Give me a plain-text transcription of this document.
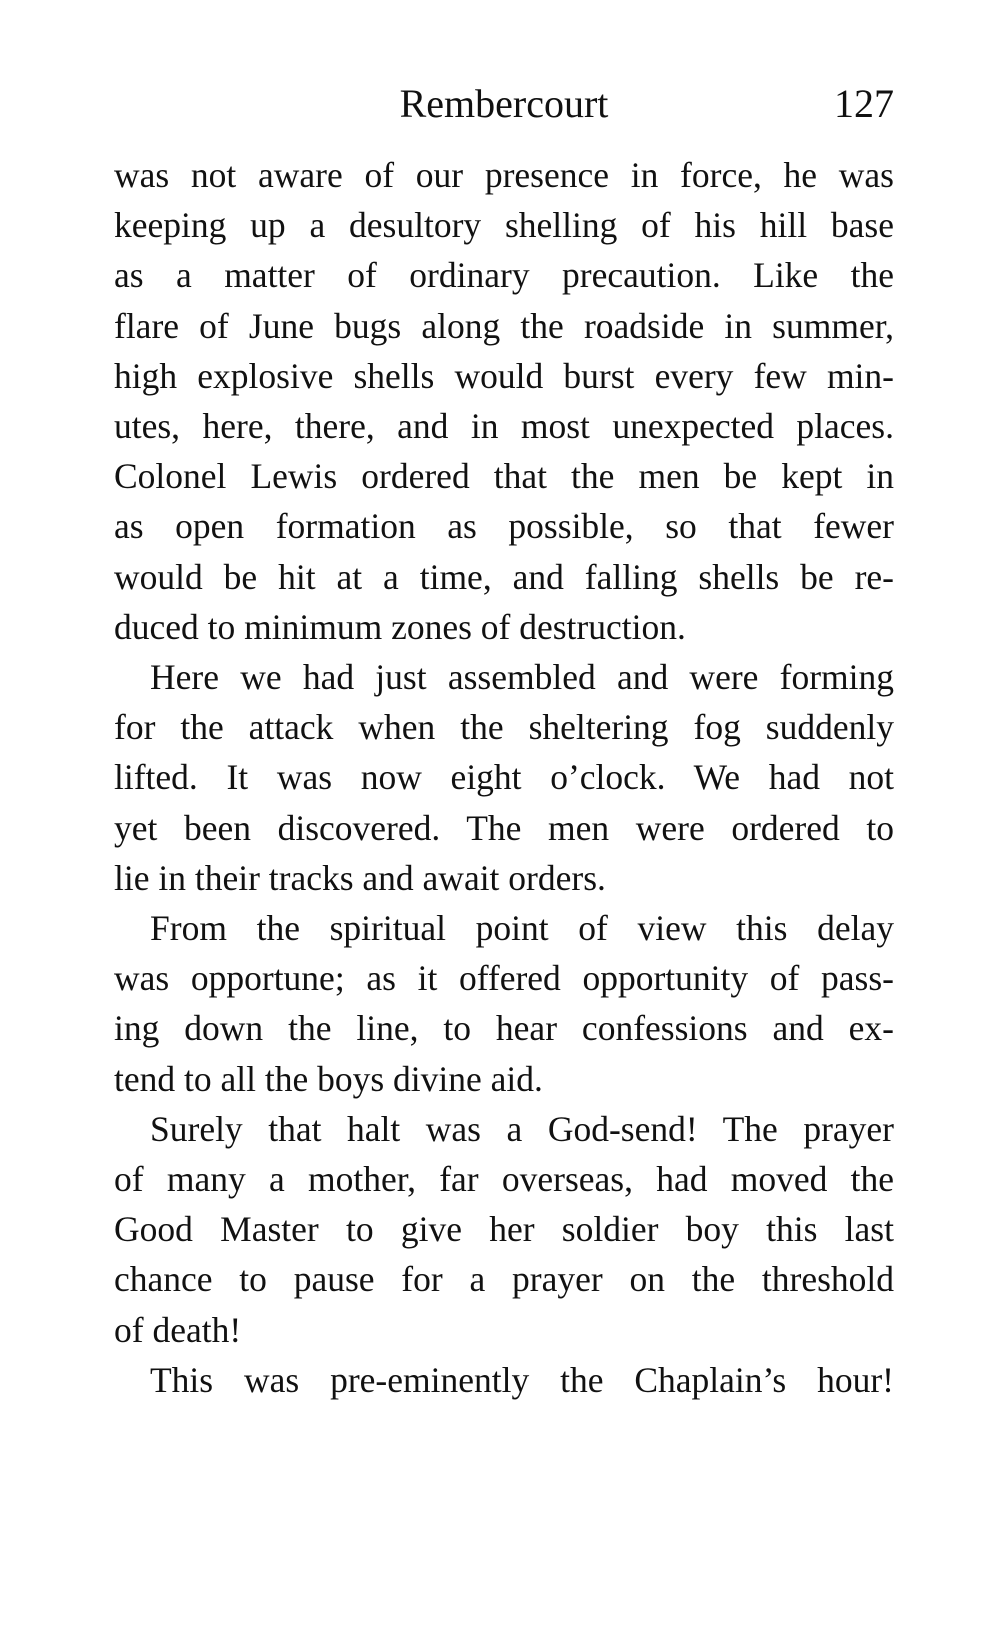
Rembercourt	127
was not aware of our presence in force, he was
keeping up a desultory shelling of his hill base
as a matter of ordinary precaution. Like the
flare of June bugs along the roadside in summer,
high explosive shells would burst every few min-
utes, here, there, and in most unexpected places.
Colonel Lewis ordered that the men be kept in
as open formation as possible, so that fewer
would be hit at a time, and falling shells be re-
duced to minimum zones of destruction.
Here we had just assembled and were forming
for the attack when the sheltering fog suddenly
lifted. It was now eight o’clock. We had not
yet been discovered. The men were ordered to
lie in their tracks and await orders.
From the spiritual point of view this delay
was opportune; as it offered opportunity of pass-
ing down the line, to hear confessions and ex-
tend to all the boys divine aid.
Surely that halt was a God-send! The prayer
of many a mother, far overseas, had moved the
Good Master to give her soldier boy this last
chance to pause for a prayer on the threshold
of death!
This was pre-eminently the Chaplain’s hour!
